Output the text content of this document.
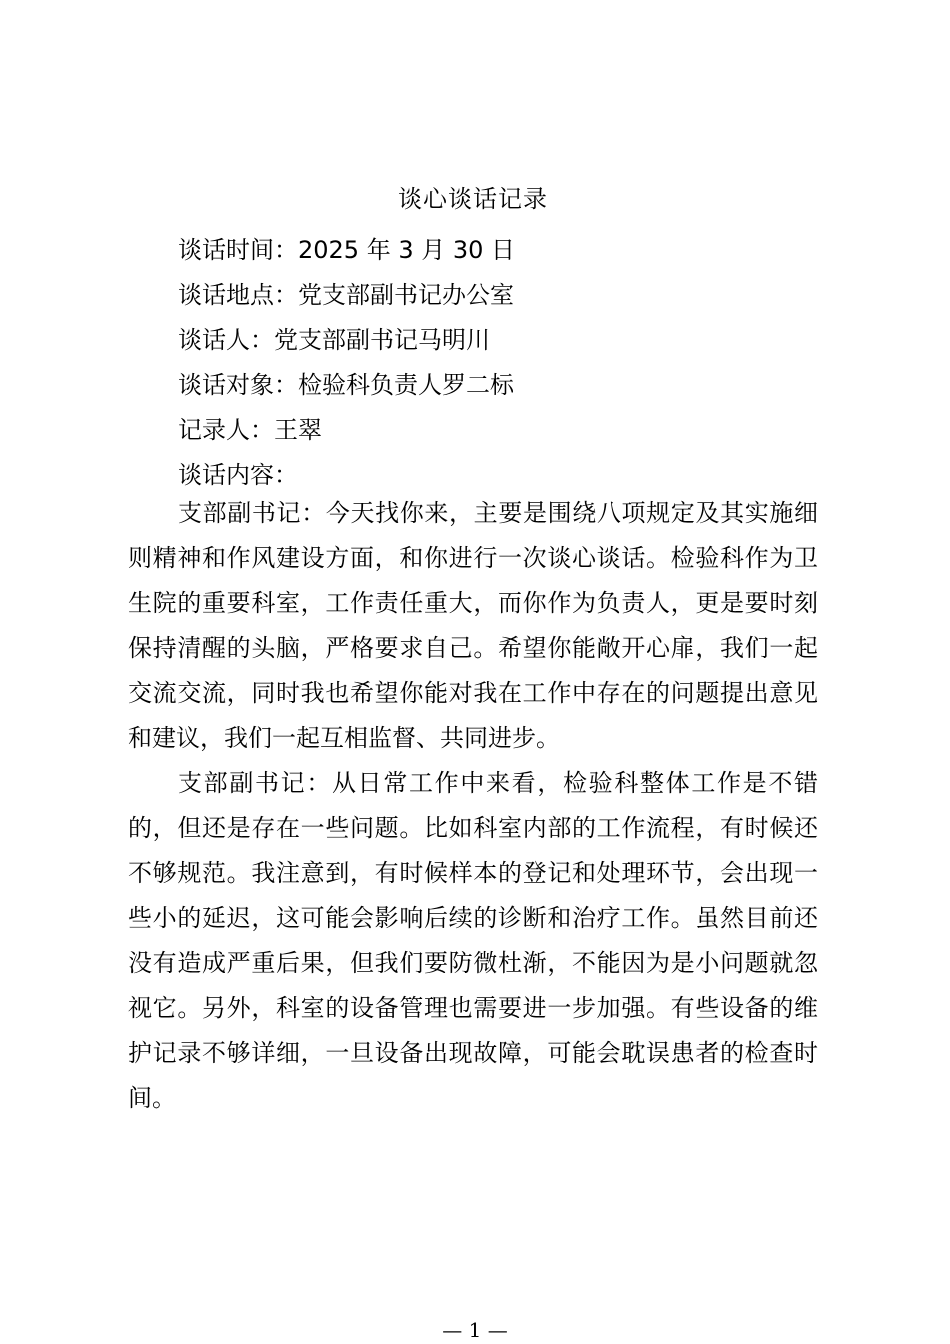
谈心谈话记录
谈话时间：2025 年 3 月 30 日
谈话地点：党支部副书记办公室
谈话人：党支部副书记马明川
谈话对象：检验科负责人罗二标
记录人：王翠
谈话内容：

支部副书记：今天找你来，主要是围绕八项规定及其实施细则精神和作风建设方面，和你进行一次谈心谈话。检验科作为卫生院的重要科室，工作责任重大，而你作为负责人，更是要时刻保持清醒的头脑，严格要求自己。希望你能敞开心扉，我们一起交流交流，同时我也希望你能对我在工作中存在的问题提出意见和建议，我们一起互相监督、共同进步。

支部副书记：从日常工作中来看，检验科整体工作是不错的，但还是存在一些问题。比如科室内部的工作流程，有时候还不够规范。我注意到，有时候样本的登记和处理环节，会出现一些小的延迟，这可能会影响后续的诊断和治疗工作。虽然目前还没有造成严重后果，但我们要防微杜渐，不能因为是小问题就忽视它。另外，科室的设备管理也需要进一步加强。有些设备的维护记录不够详细，一旦设备出现故障，可能会耽误患者的检查时间。

— 1 —
